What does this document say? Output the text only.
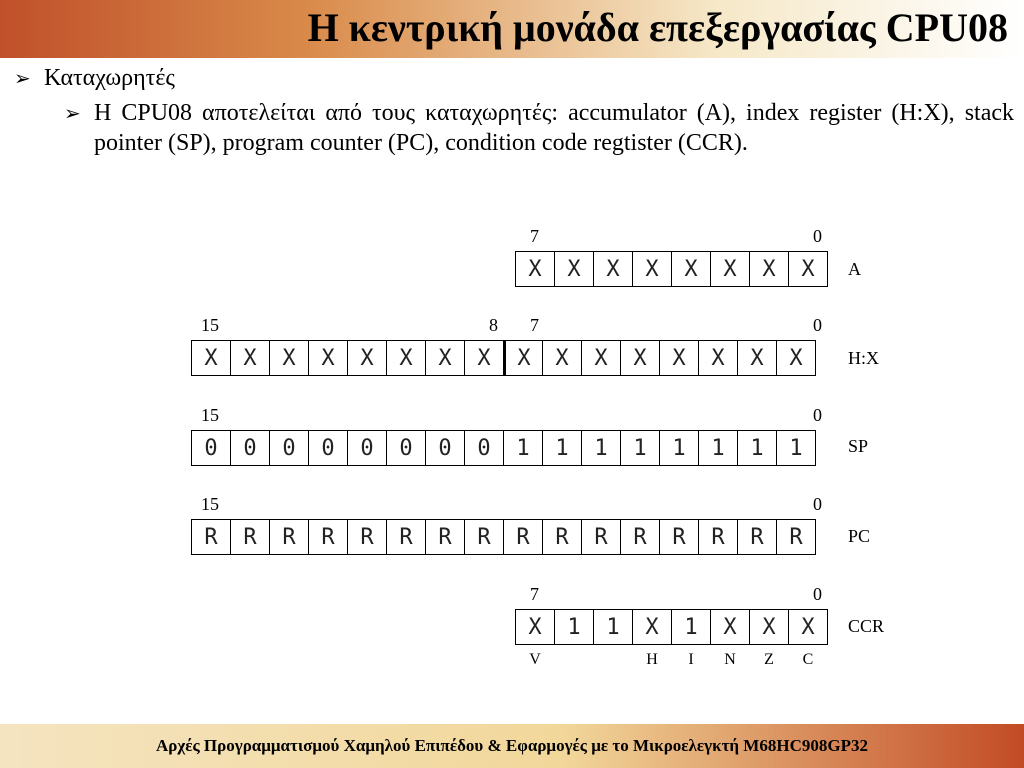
Η κεντρική μονάδα επεξεργασίας CPU08
➢ Καταχωρητές
➢ Η CPU08 αποτελείται από τους καταχωρητές: accumulator (A), index register (H:X), stack pointer (SP), program counter (PC), condition code regtister (CCR).
7	0
X	X	X	X	X	X	X	X	A
15	8 7	0
X	X	X	X	X	X	X	X	X	X	X	X	X	X	X	X	H:X
15	0
0	0	0	0	0	0	0	0	1	1	1	1	1	1	1	1	SP
15	0
R	R	R	R	R	R	R	R	R	R	R	R	R	R	R	R	PC
7	0
X	1	1	X	1	X	X	X	CCR
V	H	I	N	Z	C
Αρχές Προγραμματισμού Χαμηλού Επιπέδου & Εφαρμογές με το Μικροελεγκτή M68HC908GP32
